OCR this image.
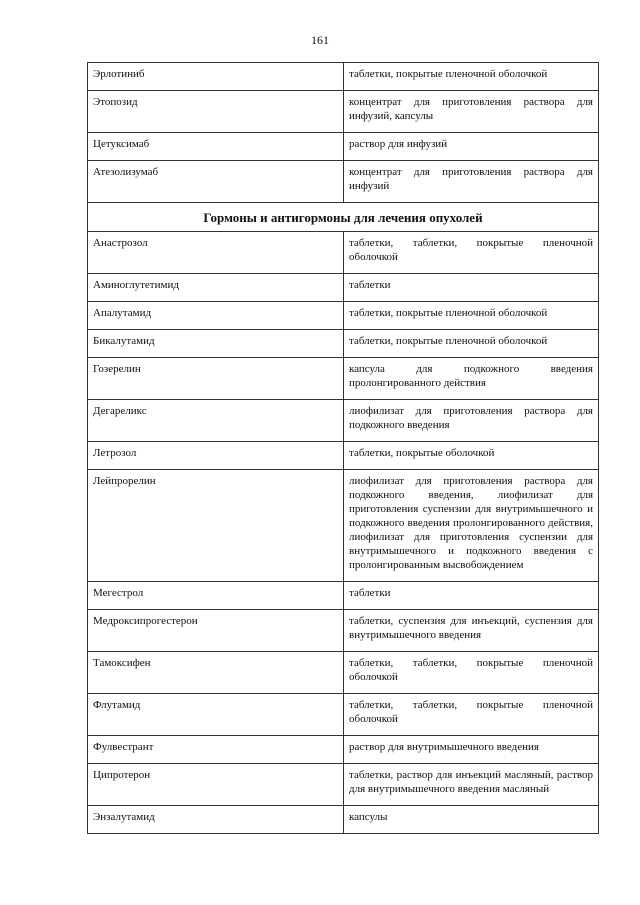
161
Эрлотиниб	таблетки, покрытые пленочной оболочкой
Этопозид	концентрат для приготовления раствора для инфузий, капсулы
Цетуксимаб	раствор для инфузий
Атезолизумаб	концентрат для приготовления раствора для инфузий
Гормоны и антигормоны для лечения опухолей	
Анастрозол	таблетки, таблетки, покрытые пленочной оболочкой
Аминоглутетимид	таблетки
Апалутамид	таблетки, покрытые пленочной оболочкой
Бикалутамид	таблетки, покрытые пленочной оболочкой
Гозерелин	капсула для подкожного введения пролонгированного действия
Дегареликс	лиофилизат для приготовления раствора для подкожного введения
Летрозол	таблетки, покрытые оболочкой
Лейпрорелин	лиофилизат для приготовления раствора для подкожного введения, лиофилизат для приготовления суспензии для внутримышечного и подкожного введения пролонгированного действия, лиофилизат для приготовления суспензии для внутримышечного и подкожного введения с пролонгированным высвобождением
Мегестрол	таблетки
Медроксипрогестерон	таблетки, суспензия для инъекций, суспензия для внутримышечного введения
Тамоксифен	таблетки, таблетки, покрытые пленочной оболочкой
Флутамид	таблетки, таблетки, покрытые пленочной оболочкой
Фулвестрант	раствор для внутримышечного введения
Ципротерон	таблетки, раствор для инъекций масляный, раствор для внутримышечного введения масляный
Энзалутамид	капсулы
